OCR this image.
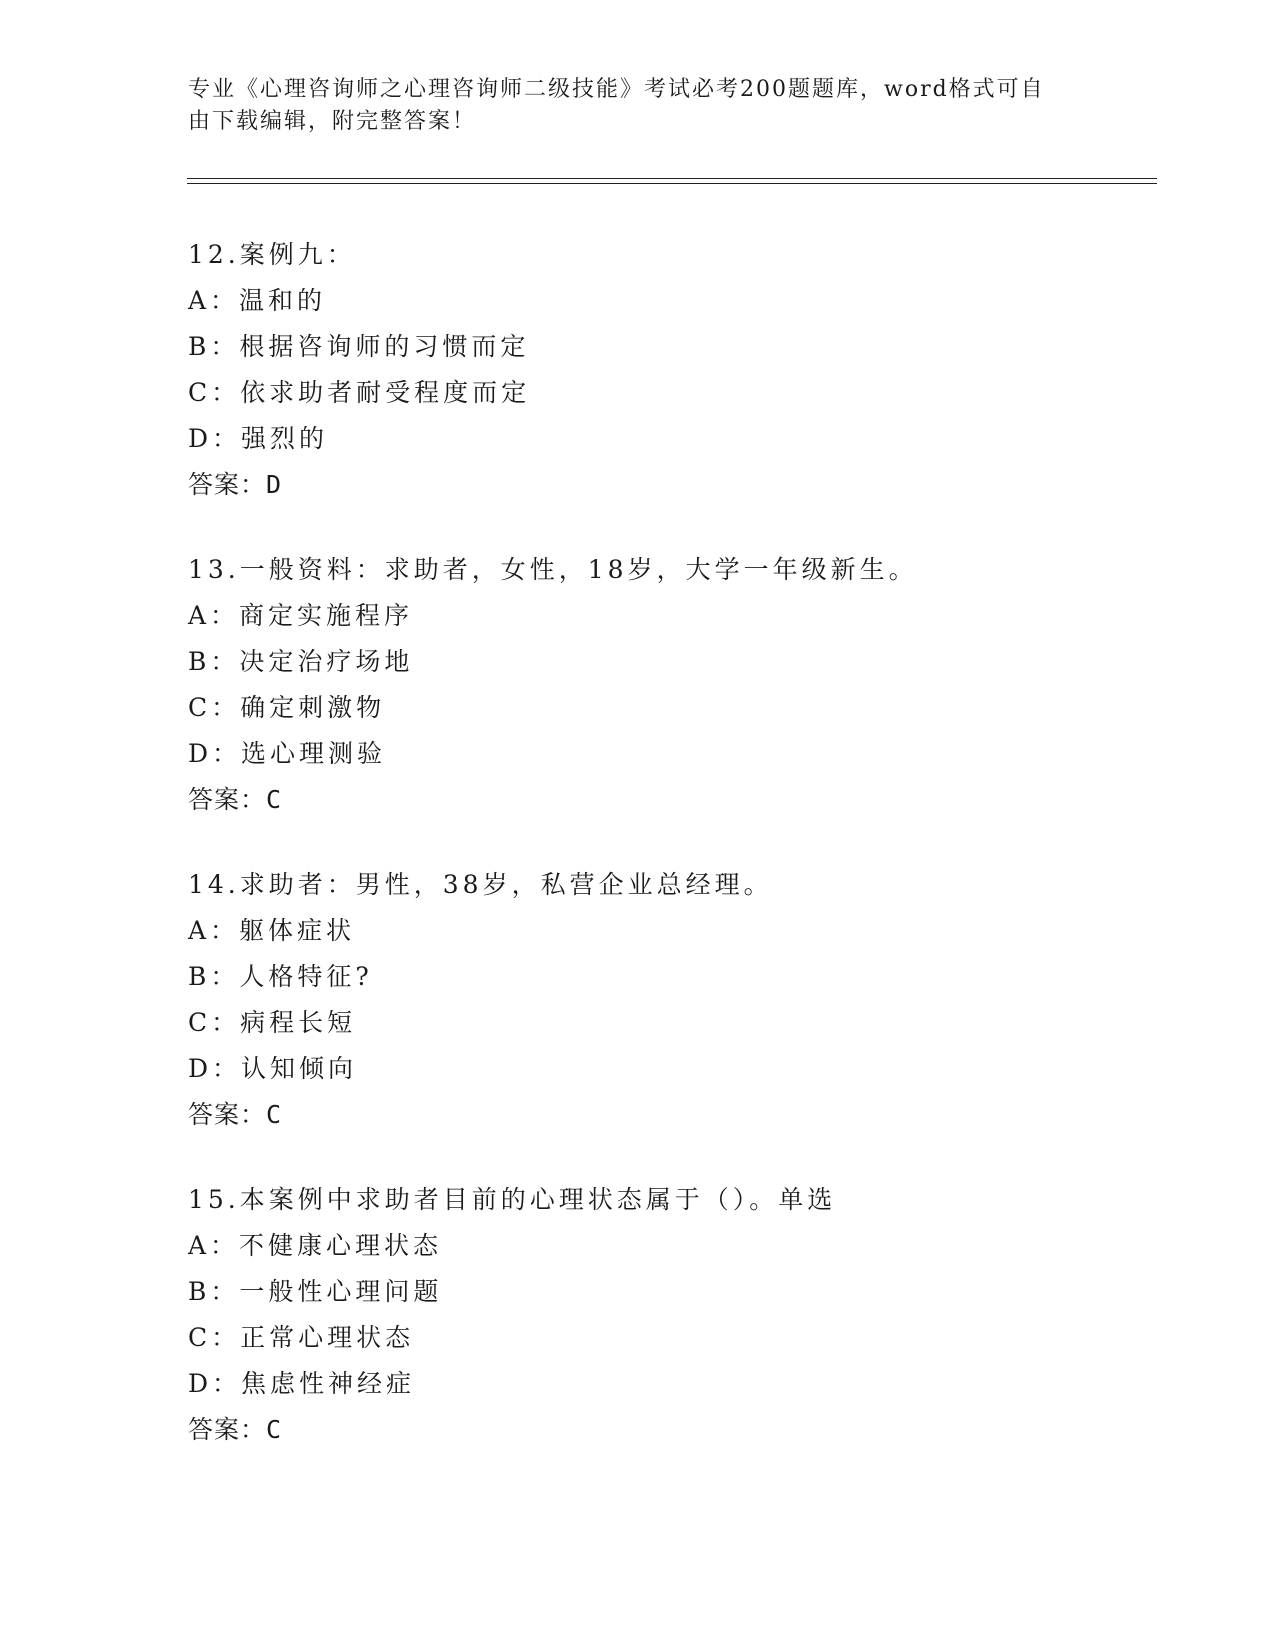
专业《心理咨询师之心理咨询师二级技能》考试必考200题题库，word格式可自由下载编辑，附完整答案！
12.案例九：
A：温和的
B：根据咨询师的习惯而定
C：依求助者耐受程度而定
D：强烈的
答案：D
13.一般资料：求助者，女性，18岁，大学一年级新生。
A：商定实施程序
B：决定治疗场地
C：确定刺激物
D：选心理测验
答案：C
14.求助者：男性，38岁，私营企业总经理。
A：躯体症状
B：人格特征?
C：病程长短
D：认知倾向
答案：C
15.本案例中求助者目前的心理状态属于（）。单选
A：不健康心理状态
B：一般性心理问题
C：正常心理状态
D：焦虑性神经症
答案：C
